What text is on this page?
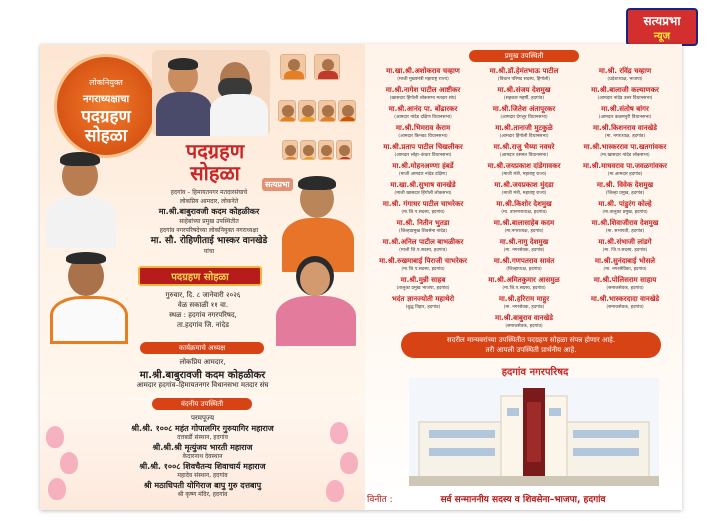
सत्यप्रभा
न्यूज
लोकनियुक्त
नगराध्यक्षाचा
पदग्रहण
सोहळा
पदग्रहण
सोहळा	सत्यप्रभा
हदगांव – हिमायतनगर मतदारसंघाचे
लोकप्रिय आमदार, लोकनेते
मा.श्री.बाबुरावजी कदम कोहळीकर
साहेबांच्या प्रमुख उपस्थितीत
हदगांव नगरपरिषदेच्या लोकनियुक्त नगराध्यक्षा
मा. सौ. रोहिणीताई भास्कर वानखेडे
यांचा
पदग्रहण सोहळा
गुरुवार, दि. ८ जानेवारी २०२६
वेळ सकाळी ११ वा.
स्थळ : हदगांव नगरपरिषद,
ता.हदगांव जि. नांदेड
कार्यक्रमाचे अध्यक्ष
लोकप्रिय आमदार,
मा.श्री.बाबुरावजी कदम कोहळीकर
आमदार हदगांव–हिमायतनगर विधानसभा मतदार संघ
वंदनीय उपस्थिती
परमपूज्य
श्री.श्री. १००८ महंत गोपालगिर गुरुयागिर महाराज
दत्तबर्डी संस्थान, हदगांव
श्री.श्री.श्री मृत्युंजय भारती महाराज
केदारनाथ देवस्थान
श्री.श्री. १००८ शिवचैतन्य शिवाचार्य महाराज
महादेव संस्थान, हदगांव
श्री मठाधिपती योगिराज बापु गुरु दत्तबापु
श्री कृष्ण मंदिर, हदगांव
प्रमुख उपस्थिती
मा.खा.श्री.अशोकराव चव्हाण
(माजी मुख्यमंत्री महाराष्ट्र राज्य)
मा.श्री.नागेश पाटील आष्टीकर
(खासदार हिंगोली लोकसभा मतदार संघ)
मा.श्री.आनंद पा. बोंढारकर
(आमदार नांदेड दक्षिण विधानसभा)
मा.श्री.भिमराव केराम
(आमदार किनवट विधानसभा)
मा.श्री.प्रताप पाटील चिखलीकर
(आमदार लोहा–कंधार विधानसभा)
मा.श्री.मोहनअण्णा हंबर्डे
(माजी आमदार नांदेड दक्षिण)
मा.खा.श्री.सुभाष वानखेडे
(माजी खासदार हिंगोली लोकसभा)
मा.श्री. गंगाधर पाटील चाभरेकर
(मा.जि.प.सदस्य, हदगांव)
मा.श्री. नितीन भुतडा
(जिल्हाप्रमुख शिवसेना नांदेड)
मा.श्री.अनिल पाटील बाभळीकर
(माजी जि.प.सदस्य, हदगांव)
मा.श्री.रुखमाबाई पिराजी चाभरेकर
(मा.जि.प.सदस्य, हदगांव)
मा.श्री.मुन्नी साहब
(तालुका प्रमुख भाजपा, हदगांव)
भदंत ज्ञानज्योती महाथेरो
(बुद्ध विहार, हदगांव)
मा.श्री.डॉ.हेमंतभाऊ पाटील
(विधान परिषद सदस्य, हिंगोली)
मा.श्री.संजय देशमुख
(सहकार महर्षी, हदगांव)
मा.श्री.जितेश अंतापूरकर
(आमदार देगलूर विधानसभा)
मा.श्री.तानाजी मुटकुळे
(आमदार हिंगोली विधानसभा)
मा.श्री.राजु भैय्या नवघरे
(आमदार वसमत विधानसभा)
मा.श्री.जयप्रकाश दांडेगावकर
(माजी मंत्री, महाराष्ट्र राज्य)
मा.श्री.जयप्रकाश मुंदडा
(माजी मंत्री, महाराष्ट्र राज्य)
मा.श्री.किशोर देशमुख
(मा. उपनगराध्यक्ष, हदगांव)
मा.श्री.बालासाहेब कदम
(मा.नगराध्यक्ष, हदगांव)
मा.श्री.नागु देशमुख
(मा. नगरसेवक, हदगांव)
मा.श्री.गणपतराव सावंत
(जिल्हाध्यक्ष, हदगांव)
मा.श्री.अमितकुमार आसमुळ
(मा.जि.प.सदस्य, हदगांव)
मा.श्री.हरिराम माहुर
(मा. नगरसेवक, हदगांव)
मा.श्री.बाबुराव वानखेडे
(समाजसेवक, हदगांव)
मा.श्री. रविंद्र चव्हाण
(प्रदेशाध्यक्ष, भाजपा)
मा.श्री.बालाजी कल्याणकर
(आमदार नांदेड उत्तर विधानसभा)
मा.श्री.संतोष बांगर
(आमदार कळमनुरी विधानसभा)
मा.श्री.किशनराव वानखेडे
(मा. नगराध्यक्ष, हदगांव)
मा.श्री.भास्करराव पा.खतगांवकर
(मा.खासदार नांदेड लोकसभा)
मा.श्री.माधवराव पा.जवळगांवकर
(मा.आमदार हदगांव)
मा.श्री. विवेक देशमुख
(जिल्हा प्रमुख, हदगांव)
मा.श्री. पांडुरंग कोल्हे
(मा.तालुका प्रमुख, हदगांव)
मा.श्री.शिवाजीराव देशमुख
(मा. सभापती, हदगांव)
मा.श्री.संभाजी लांडगे
(मा. जि.प.सदस्य, हदगांव)
मा.श्री.सुनंदाबाई भोसले
(मा. नगरसेविका, हदगांव)
मा.श्री.पोलिसराम साहाय
(समाजसेवक, हदगांव)
मा.श्री.भास्करदादा वानखेडे
(समाजसेवक, हदगांव)
सदरील मान्यवरांच्या उपस्थितीत पदग्रहण सोहळा संपन्न होणार आहे.
तरी आपली उपस्थिती प्रार्थनीय आहे.
हदगांव नगरपरिषद
विनीत :	सर्व सन्माननीय सदस्य व शिवसेना–भाजपा, हदगांव
